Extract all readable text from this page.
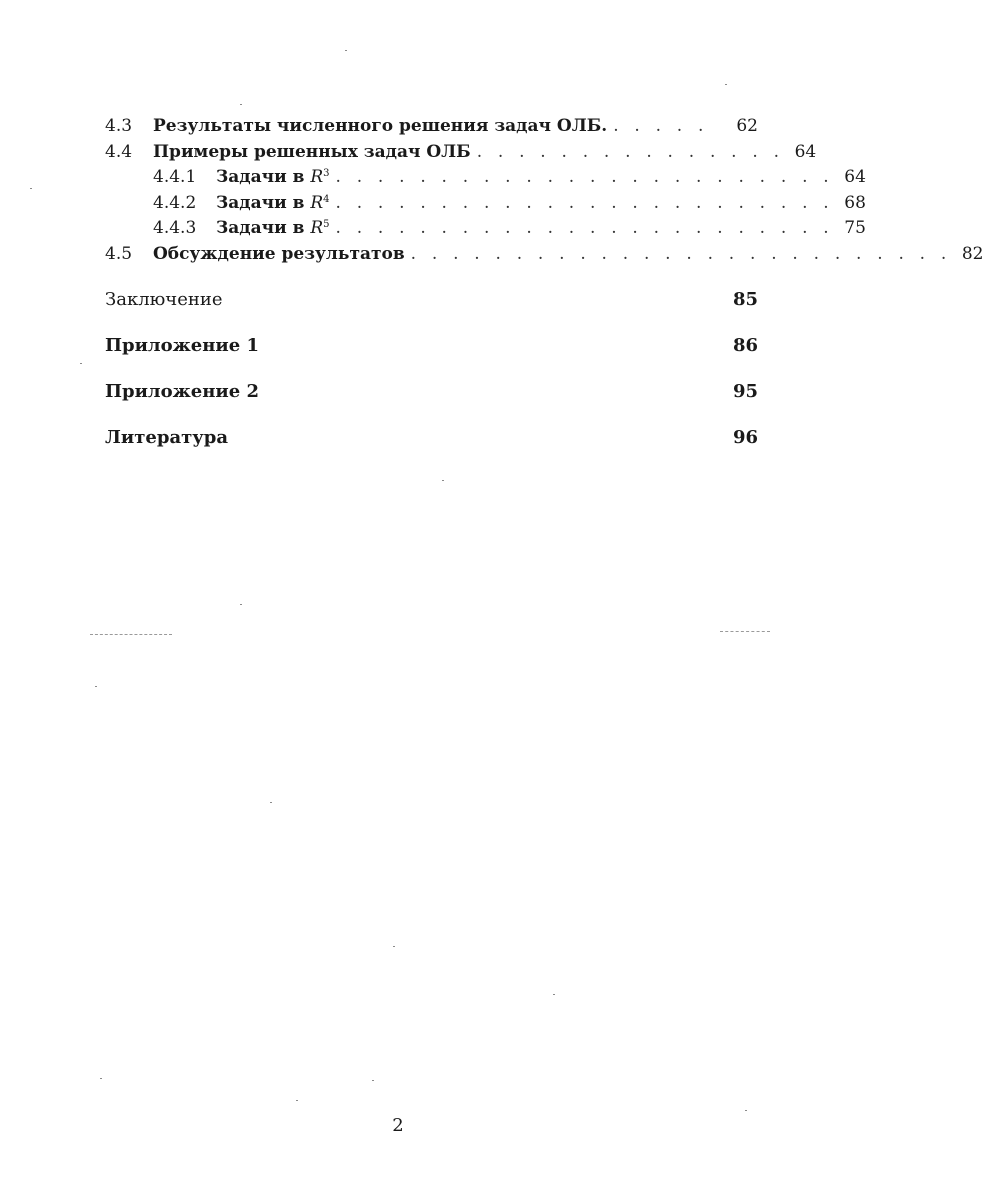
4.3	Результаты численного решения задач ОЛБ. . . . . .	62
4.4	Примеры решенных задач ОЛБ . . . . . . . . . . . . . . . 64
4.4.1	Задачи в $R^3$ . . . . . . . . . . . . . . . . . . . . . . . . 64
4.4.2	Задачи в $R^4$ . . . . . . . . . . . . . . . . . . . . . . . . 68
4.4.3	Задачи в $R^5$ . . . . . . . . . . . . . . . . . . . . . . . . 75
4.5	Обсуждение результатов . . . . . . . . . . . . . . . . . . . . . . . . . . 82
Заключение	85
Приложение 1	86
Приложение 2	95
Литература	96
2
